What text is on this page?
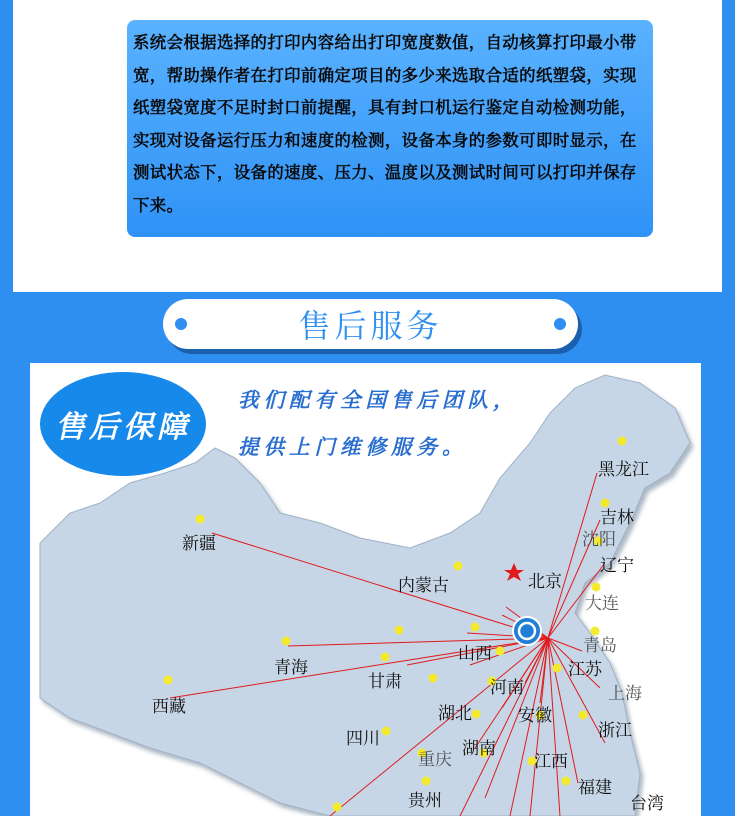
系统会根据选择的打印内容给出打印宽度数值，自动核算打印最小带宽，帮助操作者在打印前确定项目的多少来选取合适的纸塑袋，实现纸塑袋宽度不足时封口前提醒，具有封口机运行鉴定自动检测功能，实现对设备运行压力和速度的检测，设备本身的参数可即时显示，在测试状态下，设备的速度、压力、温度以及测试时间可以打印并保存下来。

售后服务
售后保障

我们配有全国售后团队，

提供上门维修服务。

黑龙江
吉林
沈阳
辽宁
北京
大连
青岛
江苏
上海
浙江
新疆
内蒙古
山西
青海
甘肃	河南
西藏	湖北	安徽
四川
重庆
湖南
江西
贵州
福建
台湾
